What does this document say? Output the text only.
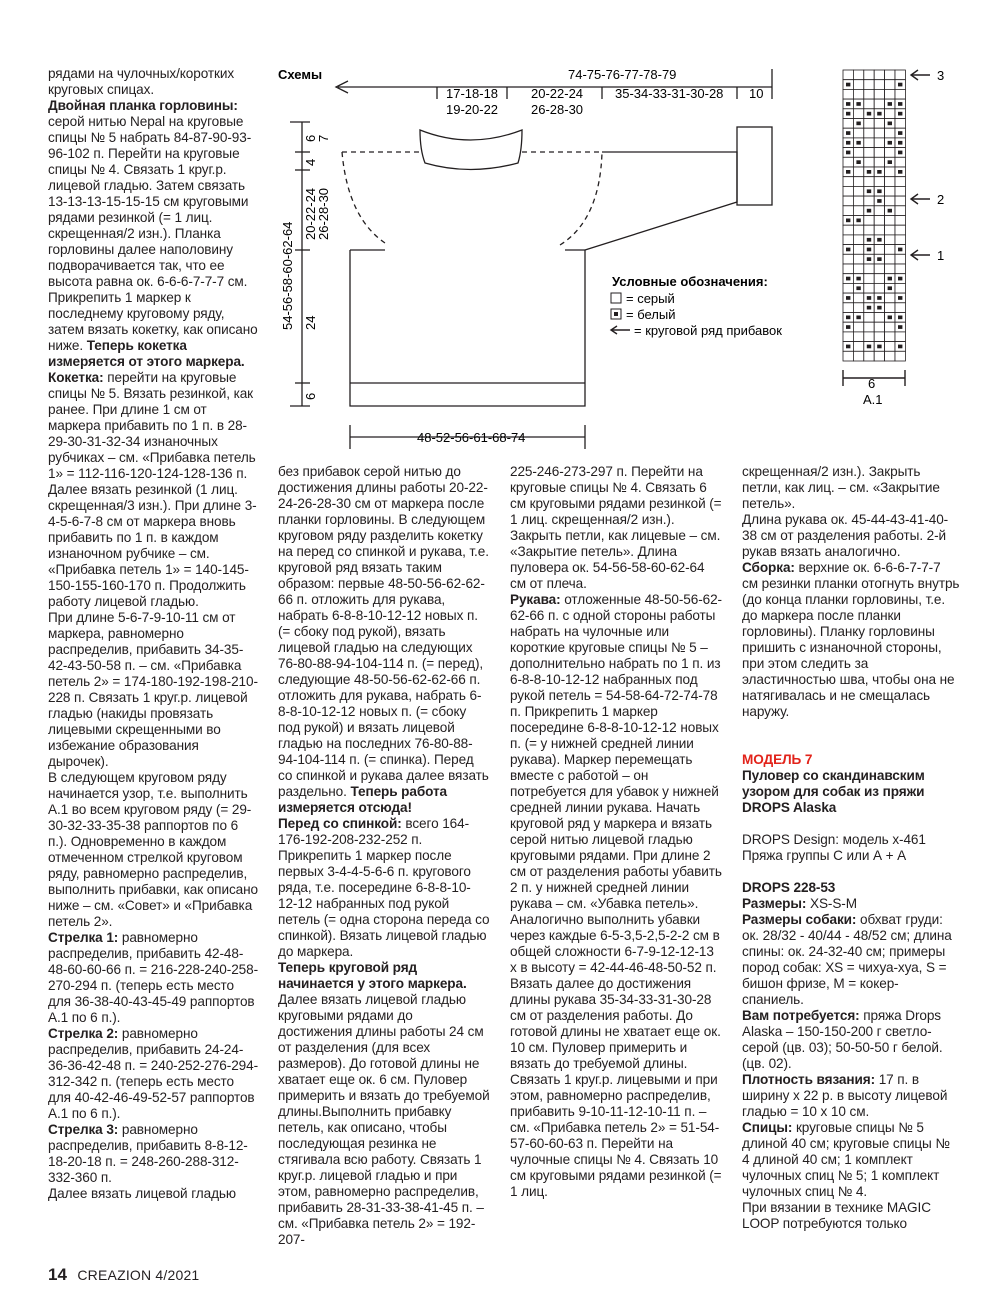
рядами на чулочных/коротких круговых спицах.

Двойная планка горловины: серой нитью Nepal на круговые спицы № 5 набрать 84-87-90-93-96-102 п. Перейти на круговые спицы № 4. Связать 1 круг.р. лицевой гладью. Затем связать 13-13-13-15-15-15 см круговыми рядами резинкой (= 1 лиц. скрещенная/2 изн.). Планка горловины далее наполовину подворачивается так, что ее высота равна ок. 6-6-6-7-7-7 см. Прикрепить 1 маркер к последнему круговому ряду, затем вязать кокетку, как описано ниже. Теперь кокетка измеряется от этого маркера.

Кокетка: перейти на круговые спицы № 5. Вязать резинкой, как ранее. При длине 1 см от маркера прибавить по 1 п. в 28-29-30-31-32-34 изнаночных рубчиках – см. «Прибавка петель 1» = 112-116-120-124-128-136 п.

Далее вязать резинкой (1 лиц. скрещенная/3 изн.). При длине 3-4-5-6-7-8 см от маркера вновь прибавить по 1 п. в каждом изнаночном рубчике – см. «Прибавка петель 1» = 140-145-150-155-160-170 п. Продолжить работу лицевой гладью.

При длине 5-6-7-9-10-11 см от маркера, равномерно распределив, прибавить 34-35-42-43-50-58 п. – см. «Прибавка петель 2» = 174-180-192-198-210-228 п. Связать 1 круг.р. лицевой гладью (накиды провязать лицевыми скрещенными во избежание образования дырочек).

В следующем круговом ряду начинается узор, т.е. выполнить А.1 во всем круговом ряду (= 29-30-32-33-35-38 раппортов по 6 п.). Одновременно в каждом отмеченном стрелкой круговом ряду, равномерно распределив, выполнить прибавки, как описано ниже – см. «Совет» и «Прибавка петель 2».

Стрелка 1: равномерно распределив, прибавить 42-48-48-60-60-66 п. = 216-228-240-258-270-294 п. (теперь есть место для 36-38-40-43-45-49 раппортов А.1 по 6 п.).

Стрелка 2: равномерно распределив, прибавить 24-24-36-36-42-48 п. = 240-252-276-294-312-342 п. (теперь есть место для 40-42-46-49-52-57 раппортов А.1 по 6 п.).

Стрелка 3: равномерно распределив, прибавить 8-8-12-18-20-18 п. = 248-260-288-312-332-360 п.

Далее вязать лицевой гладью

без прибавок серой нитью до достижения длины работы 20-22-24-26-28-30 см от маркера после планки горловины. В следующем круговом ряду разделить кокетку на перед со спинкой и рукава, т.е. круговой ряд вязать таким образом: первые 48-50-56-62-62-66 п. отложить для рукава, набрать 6-8-8-10-12-12 новых п. (= сбоку под рукой), вязать лицевой гладью на следующих 76-80-88-94-104-114 п. (= перед), следующие 48-50-56-62-62-66 п. отложить для рукава, набрать 6-8-8-10-12-12 новых п. (= сбоку под рукой) и вязать лицевой гладью на последних 76-80-88-94-104-114 п. (= спинка). Перед со спинкой и рукава далее вязать раздельно. Теперь работа измеряется отсюда!

Перед со спинкой: всего 164-176-192-208-232-252 п. Прикрепить 1 маркер после первых 3-4-4-5-6-6 п. кругового ряда, т.е. посередине 6-8-8-10-12-12 набранных под рукой петель (= одна сторона переда со спинкой). Вязать лицевой гладью до маркера.

Теперь круговой ряд начинается у этого маркера.

Далее вязать лицевой гладью круговыми рядами до достижения длины работы 24 см от разделения (для всех размеров). До готовой длины не хватает еще ок. 6 см. Пуловер примерить и вязать до требуемой длины.Выполнить прибавку петель, как описано, чтобы последующая резинка не стягивала всю работу. Связать 1 круг.р. лицевой гладью и при этом, равномерно распределив, прибавить 28-31-33-38-41-45 п. – см. «Прибавка петель 2» = 192-207-

225-246-273-297 п. Перейти на круговые спицы № 4. Связать 6 см круговыми рядами резинкой (= 1 лиц. скрещенная/2 изн.). Закрыть петли, как лицевые – см. «Закрытие петель». Длина пуловера ок. 54-56-58-60-62-64 см от плеча.

Рукава: отложенные 48-50-56-62-62-66 п. с одной стороны работы набрать на чулочные или короткие круговые спицы № 5 – дополнительно набрать по 1 п. из 6-8-8-10-12-12 набранных под рукой петель = 54-58-64-72-74-78 п. Прикрепить 1 маркер посередине 6-8-8-10-12-12 новых п. (= у нижней средней линии рукава). Маркер перемещать вместе с работой – он потребуется для убавок у нижней средней линии рукава. Начать круговой ряд у маркера и вязать серой нитью лицевой гладью круговыми рядами. При длине 2 см от разделения работы убавить 2 п. у нижней средней линии рукава – см. «Убавка петель». Аналогично выполнить убавки через каждые 6-5-3,5-2,5-2-2 см в общей сложности 6-7-9-12-12-13 х в высоту = 42-44-46-48-50-52 п. Вязать далее до достижения длины рукава 35-34-33-31-30-28 см от разделения работы. До готовой длины не хватает еще ок. 10 см. Пуловер примерить и вязать до требуемой длины. Связать 1 круг.р. лицевыми и при этом, равномерно распределив, прибавить 9-10-11-12-10-11 п. – см. «Прибавка петель 2» = 51-54-57-60-60-63 п. Перейти на чулочные спицы № 4. Связать 10 см круговыми рядами резинкой (= 1 лиц.

скрещенная/2 изн.). Закрыть петли, как лиц. – см. «Закрытие петель».

Длина рукава ок. 45-44-43-41-40-38 см от разделения работы. 2-й рукав вязать аналогично.

Сборка: верхние ок. 6-6-6-7-7-7 см резинки планки отогнуть внутрь (до конца планки горловины, т.е. до маркера после планки горловины). Планку горловины пришить с изнаночной стороны, при этом следить за эластичностью шва, чтобы она не натягивалась и не смещалась наружу.

МОДЕЛЬ 7

Пуловер со скандинавским узором для собак из пряжи DROPS Alaska

DROPS Design: модель x-461

Пряжа группы С или А + А

DROPS 228-53

Размеры: XS-S-M

Размеры собаки: обхват груди: ок. 28/32 - 40/44 - 48/52 см; длина спины: ок. 24-32-40 см; примеры пород собак: XS = чихуа-хуа, S = бишон фризе, M = кокер-спаниель.

Вам потребуется: пряжа Drops Alaska – 150-150-200 г светло-серой (цв. 03); 50-50-50 г белой. (цв. 02).

Плотность вязания: 17 п. в ширину х 22 р. в высоту лицевой гладью = 10 х 10 см.

Спицы: круговые спицы № 5 длиной 40 см; круговые спицы № 4 длиной 40 см; 1 комплект чулочных спиц № 5; 1 комплект чулочных спиц № 4.

При вязании в технике MAGIC LOOP потребуются только

Схемы	74-75-76-77-78-79
17-18-18
19-20-22
20-22-24
26-28-30
35-34-33-31-30-28 10
54-56-58-60-62-64
6
7
4
20-22-24
26-28-30
24
6
48-52-56-61-68-74
Условные обозначения:
= серый
= белый
= круговой ряд прибавок
3
2
1
6
A.1
14 CREAZION 4/2021
